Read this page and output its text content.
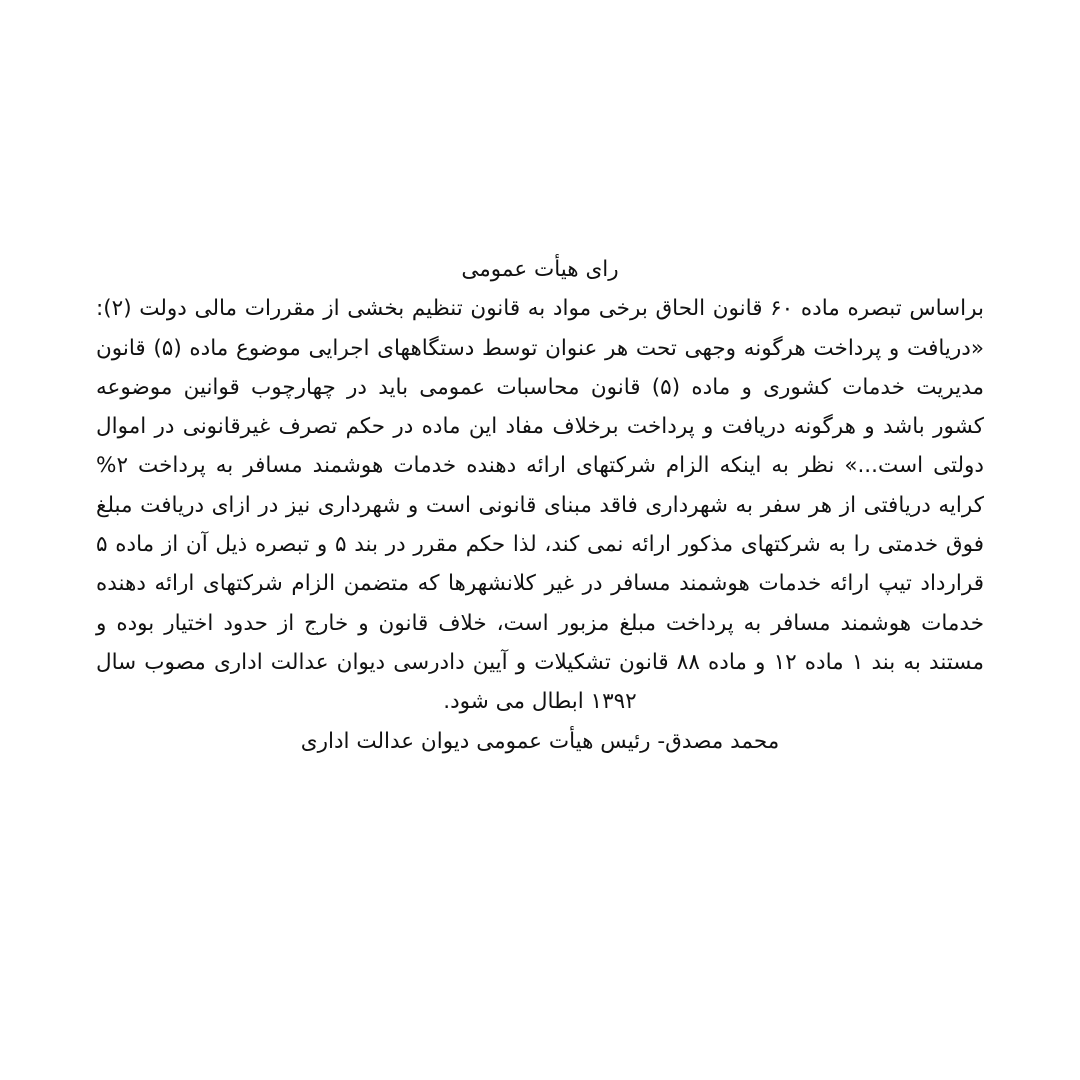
رای هیأت عمومی

براساس تبصره ماده ۶۰ قانون الحاق برخی مواد به قانون تنظیم بخشی از مقررات مالی دولت (۲): «دریافت و پرداخت هرگونه وجهی تحت هر عنوان توسط دستگاههای اجرایی موضوع ماده (۵) قانون مدیریت خدمات کشوری و ماده (۵) قانون محاسبات عمومی باید در چهارچوب قوانین موضوعه کشور باشد و هرگونه دریافت و پرداخت برخلاف مفاد این ماده در حکم تصرف غیرقانونی در اموال دولتی است...» نظر به اینکه الزام شرکتهای ارائه دهنده خدمات هوشمند مسافر به پرداخت ۲% کرایه دریافتی از هر سفر به شهرداری فاقد مبنای قانونی است و شهرداری نیز در ازای دریافت مبلغ فوق خدمتی را به شرکتهای مذکور ارائه نمی کند، لذا حکم مقرر در بند ۵ و تبصره ذیل آن از ماده ۵ قرارداد تیپ ارائه خدمات هوشمند مسافر در غیر کلانشهرها که متضمن الزام شرکتهای ارائه دهنده خدمات هوشمند مسافر به پرداخت مبلغ مزبور است، خلاف قانون و خارج از حدود اختیار بوده و مستند به بند ۱ ماده ۱۲ و ماده ۸۸ قانون تشکیلات و آیین دادرسی دیوان عدالت اداری مصوب سال ۱۳۹۲ ابطال می شود.

محمد مصدق- رئیس هیأت عمومی دیوان عدالت اداری
